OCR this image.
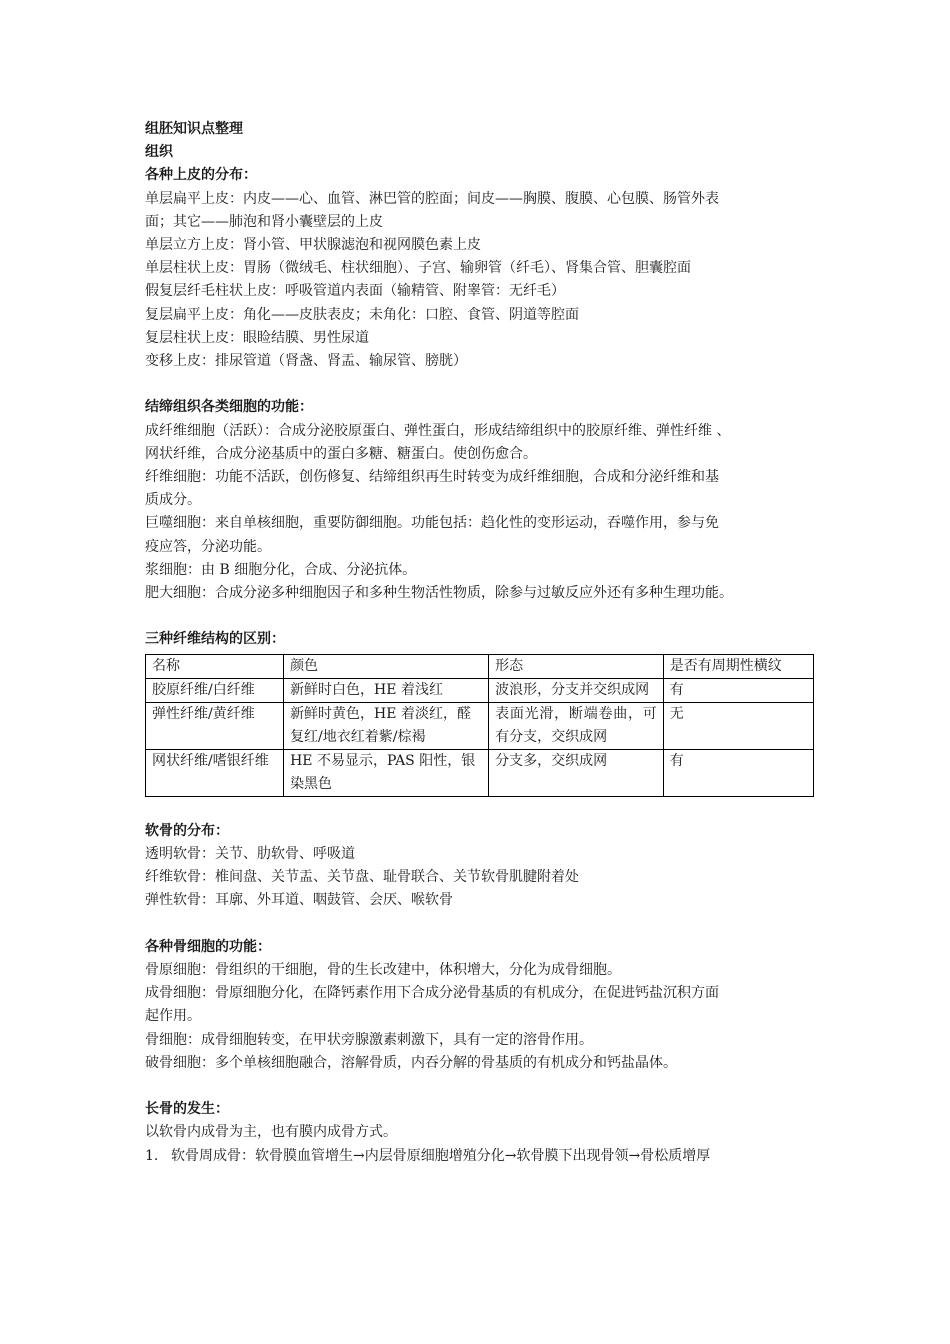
组胚知识点整理
组织
各种上皮的分布：
单层扁平上皮：内皮——心、血管、淋巴管的腔面；间皮——胸膜、腹膜、心包膜、肠管外表
面；其它——肺泡和肾小囊壁层的上皮
单层立方上皮：肾小管、甲状腺滤泡和视网膜色素上皮
单层柱状上皮：胃肠（微绒毛、柱状细胞）、子宫、输卵管（纤毛）、肾集合管、胆囊腔面
假复层纤毛柱状上皮：呼吸管道内表面（输精管、附睾管：无纤毛）
复层扁平上皮：角化——皮肤表皮；未角化：口腔、食管、阴道等腔面
复层柱状上皮：眼睑结膜、男性尿道
变移上皮：排尿管道（肾盏、肾盂、输尿管、膀胱）
结缔组织各类细胞的功能：
成纤维细胞（活跃）：合成分泌胶原蛋白、弹性蛋白，形成结缔组织中的胶原纤维、弹性纤维 、
网状纤维，合成分泌基质中的蛋白多糖、糖蛋白。使创伤愈合。
纤维细胞：功能不活跃，创伤修复、结缔组织再生时转变为成纤维细胞，合成和分泌纤维和基
质成分。
巨噬细胞：来自单核细胞，重要防御细胞。功能包括：趋化性的变形运动，吞噬作用，参与免
疫应答，分泌功能。
浆细胞：由 B 细胞分化，合成、分泌抗体。
肥大细胞：合成分泌多种细胞因子和多种生物活性物质，除参与过敏反应外还有多种生理功能。
三种纤维结构的区别：
名称	颜色	形态	是否有周期性横纹
胶原纤维/白纤维	新鲜时白色，HE 着浅红	波浪形，分支并交织成网	有
弹性纤维/黄纤维	新鲜时黄色，HE 着淡红，醛复红/地衣红着紫/棕褐	表面光滑，断端卷曲，可有分支，交织成网	无
网状纤维/嗜银纤维	HE 不易显示，PAS 阳性，银染黑色	分支多，交织成网	有
软骨的分布：
透明软骨：关节、肋软骨、呼吸道
纤维软骨：椎间盘、关节盂、关节盘、耻骨联合、关节软骨肌腱附着处
弹性软骨：耳廓、外耳道、咽鼓管、会厌、喉软骨
各种骨细胞的功能：
骨原细胞：骨组织的干细胞，骨的生长改建中，体积增大，分化为成骨细胞。
成骨细胞：骨原细胞分化，在降钙素作用下合成分泌骨基质的有机成分，在促进钙盐沉积方面
起作用。
骨细胞：成骨细胞转变，在甲状旁腺激素刺激下，具有一定的溶骨作用。
破骨细胞：多个单核细胞融合，溶解骨质，内吞分解的骨基质的有机成分和钙盐晶体。
长骨的发生：
以软骨内成骨为主，也有膜内成骨方式。
1. 软骨周成骨：软骨膜血管增生→内层骨原细胞增殖分化→软骨膜下出现骨领→骨松质增厚
